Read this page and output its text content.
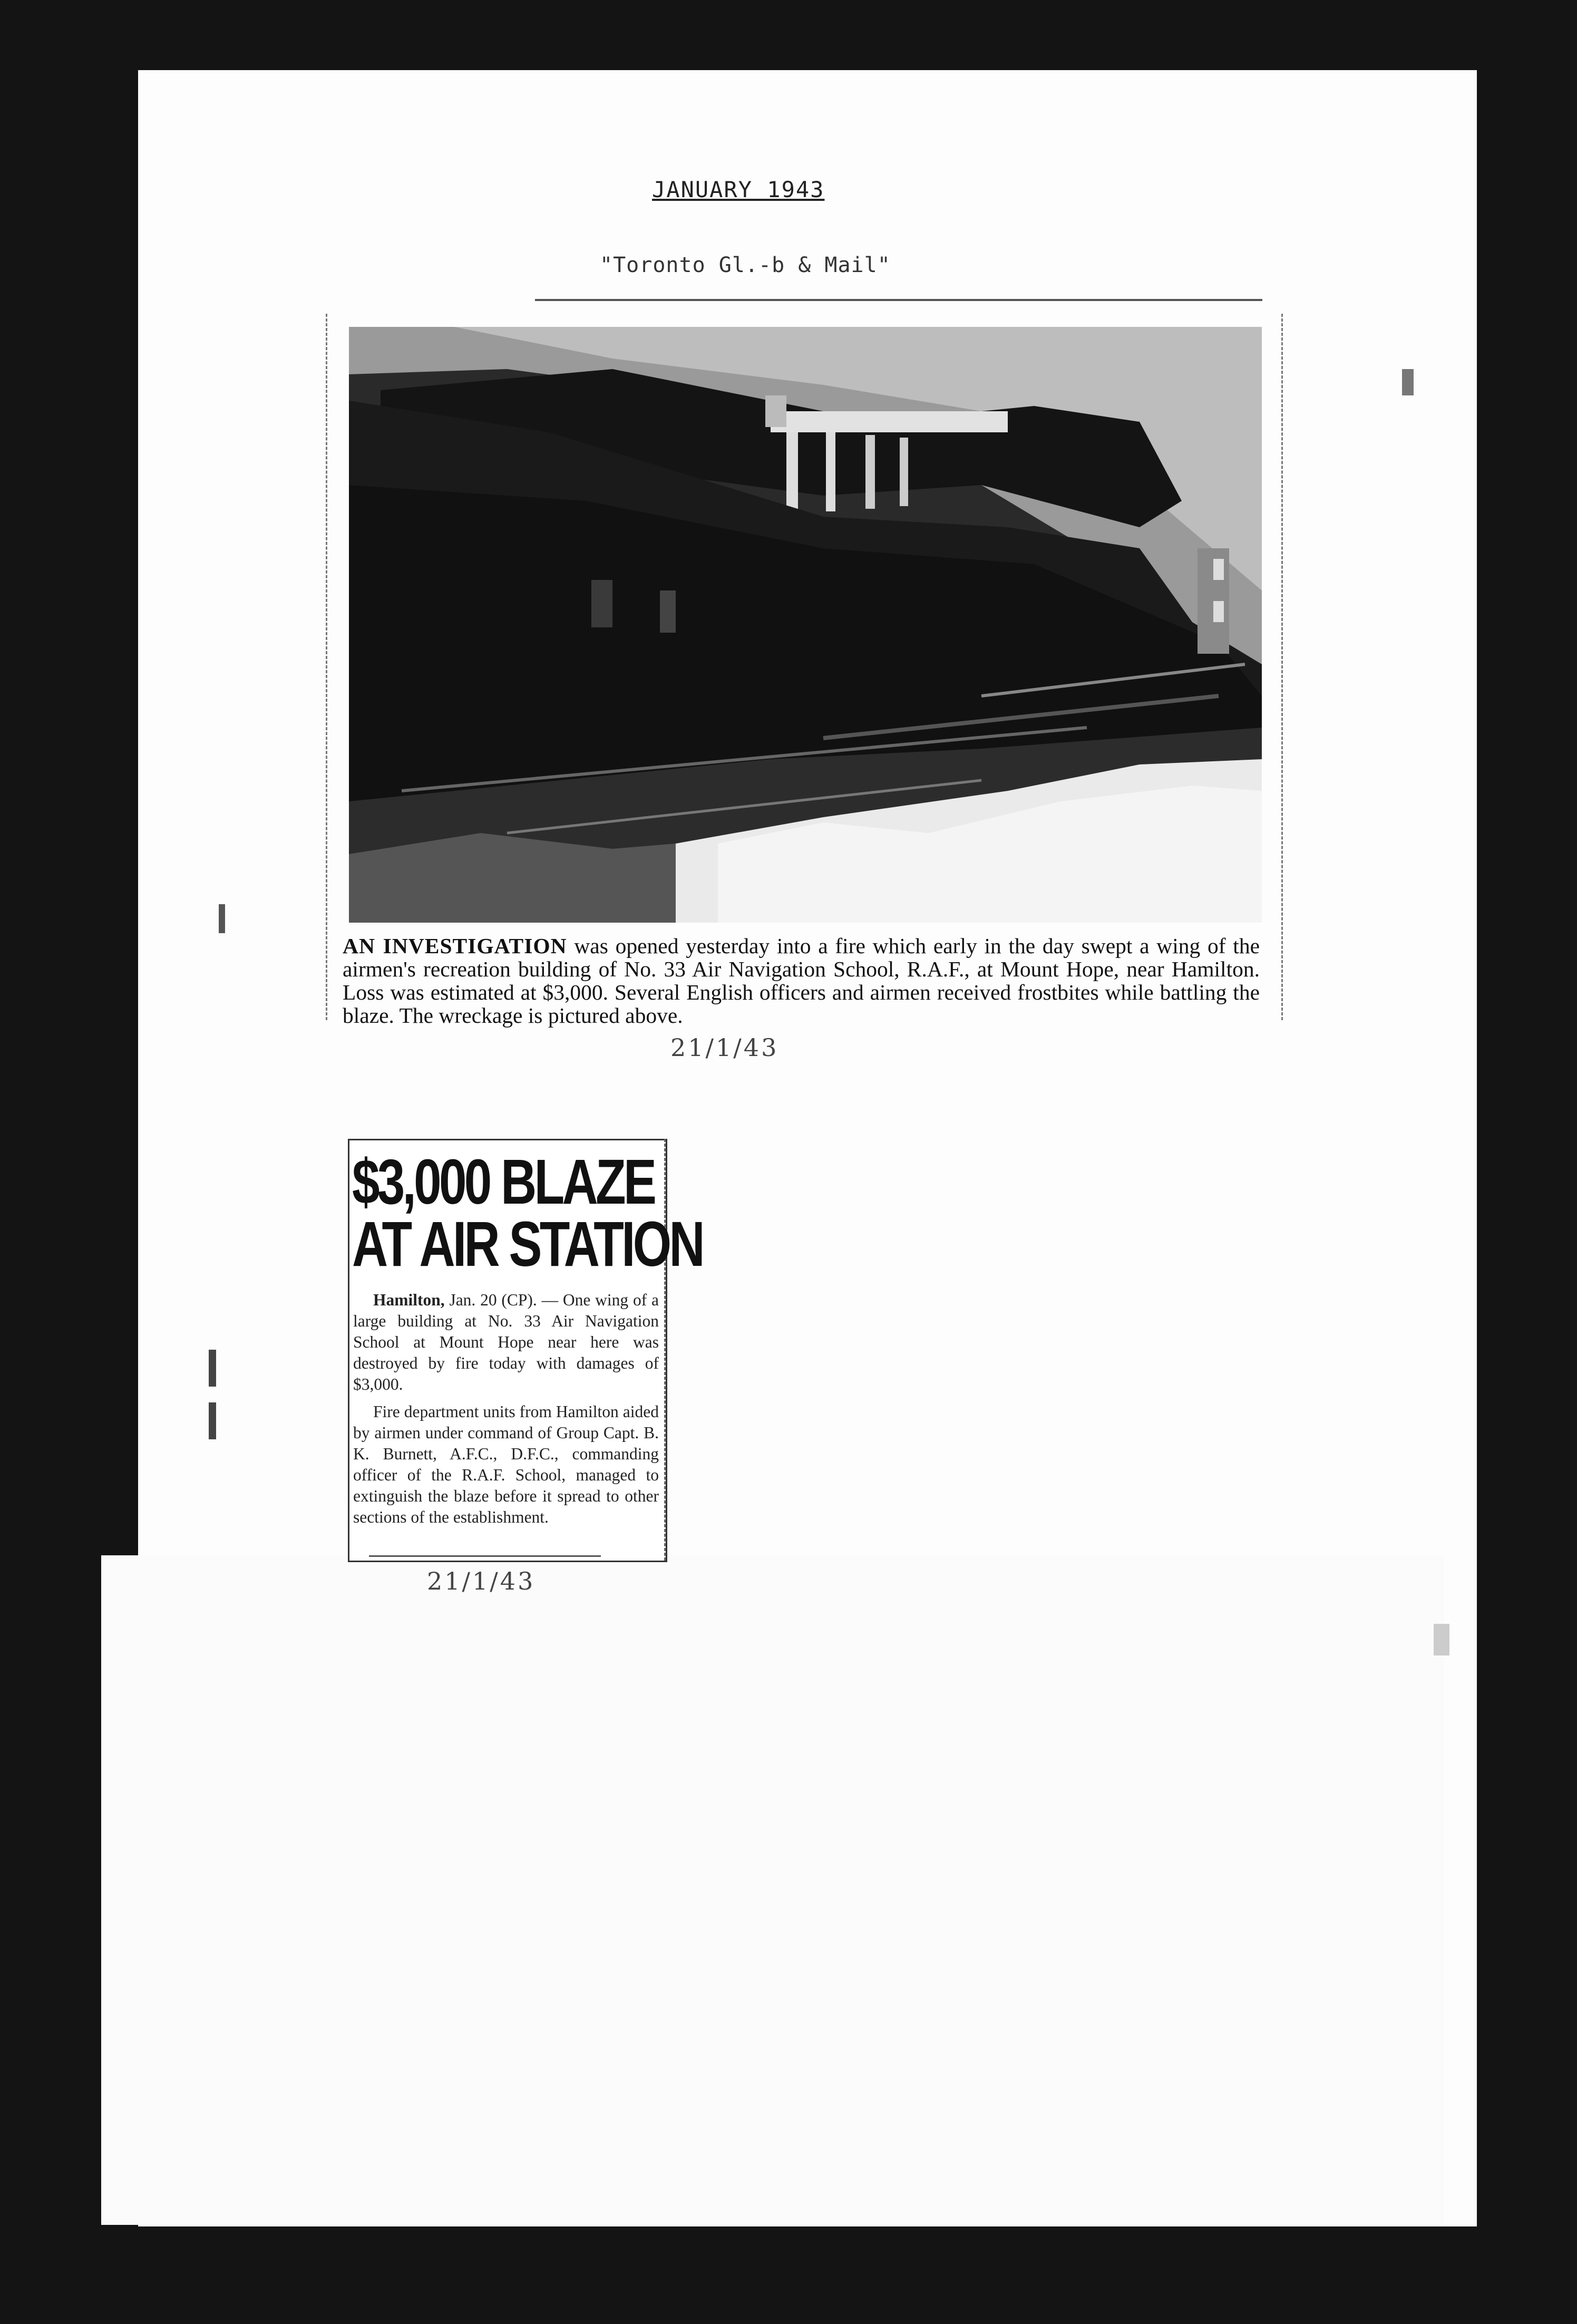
JANUARY 1943
"Toronto Gl.-b & Mail"
AN INVESTIGATION was opened yesterday into a fire which early in the day swept a wing of the airmen's recreation building of No. 33 Air Navigation School, R.A.F., at Mount Hope, near Hamilton. Loss was estimated at $3,000. Several English officers and airmen received frostbites while battling the blaze. The wreckage is pictured above.
21/1/43
$3,000 BLAZE
AT AIR STATION

Hamilton, Jan. 20 (CP). — One wing of a large building at No. 33 Air Navigation School at Mount Hope near here was destroyed by fire today with damages of $3,000.

Fire department units from Hamilton aided by airmen under command of Group Capt. B. K. Burnett, A.F.C., D.F.C., commanding officer of the R.A.F. School, managed to extinguish the blaze before it spread to other sections of the establishment.

21/1/43
